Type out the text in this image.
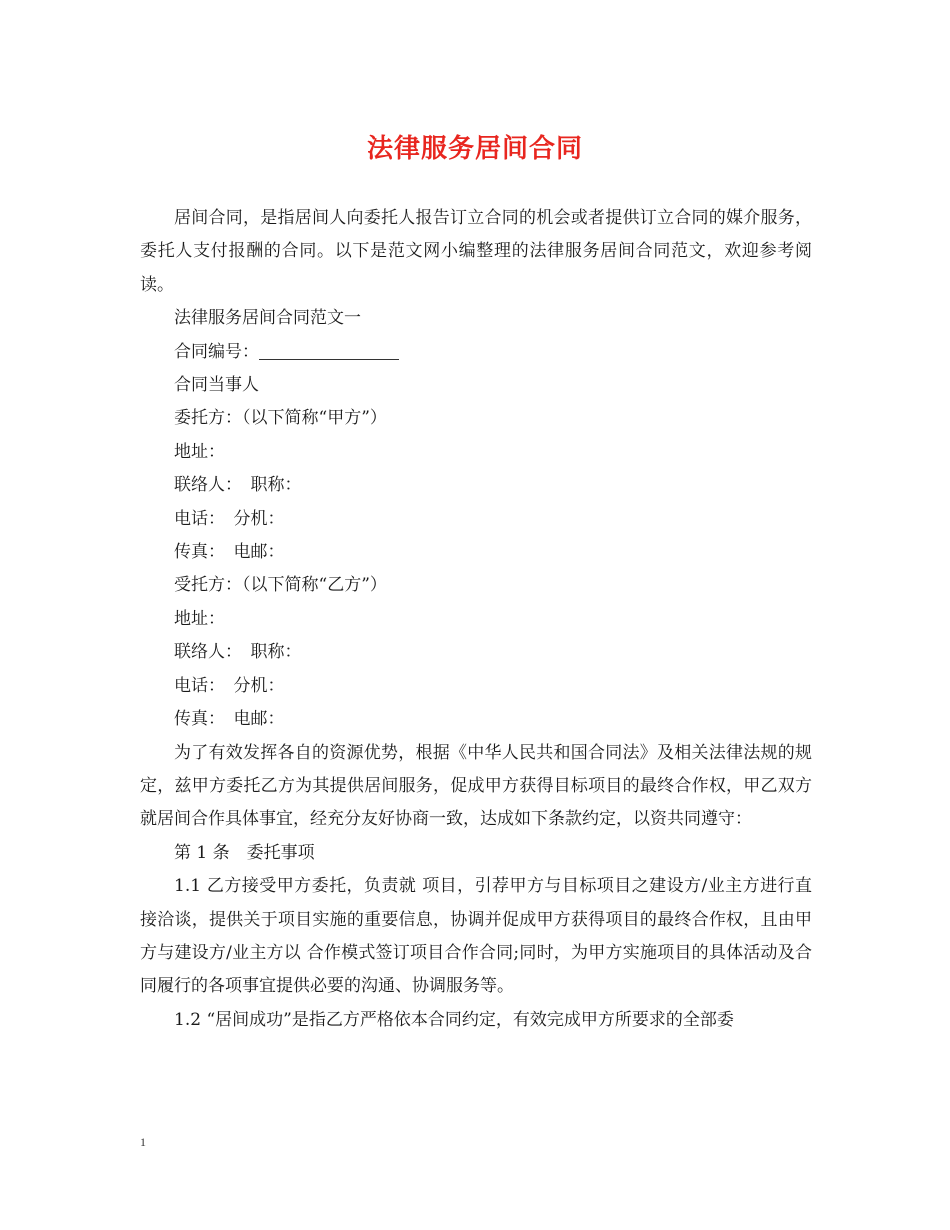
法律服务居间合同

居间合同，是指居间人向委托人报告订立合同的机会或者提供订立合同的媒介服务，委托人支付报酬的合同。以下是范文网小编整理的法律服务居间合同范文，欢迎参考阅读。

法律服务居间合同范文一

合同编号：

合同当事人

委托方：（以下简称“甲方”）

地址：

联络人：　职称：

电话：　分机：

传真：　电邮：

受托方：（以下简称“乙方”）

地址：

联络人：　职称：

电话：　分机：

传真：　电邮：

为了有效发挥各自的资源优势，根据《中华人民共和国合同法》及相关法律法规的规定，兹甲方委托乙方为其提供居间服务，促成甲方获得目标项目的最终合作权，甲乙双方就居间合作具体事宜，经充分友好协商一致，达成如下条款约定，以资共同遵守：

第 1 条　委托事项

1.1 乙方接受甲方委托，负责就 项目，引荐甲方与目标项目之建设方/业主方进行直接洽谈，提供关于项目实施的重要信息，协调并促成甲方获得项目的最终合作权，且由甲方与建设方/业主方以 合作模式签订项目合作合同;同时，为甲方实施项目的具体活动及合同履行的各项事宜提供必要的沟通、协调服务等。

1.2 “居间成功”是指乙方严格依本合同约定，有效完成甲方所要求的全部委

1
